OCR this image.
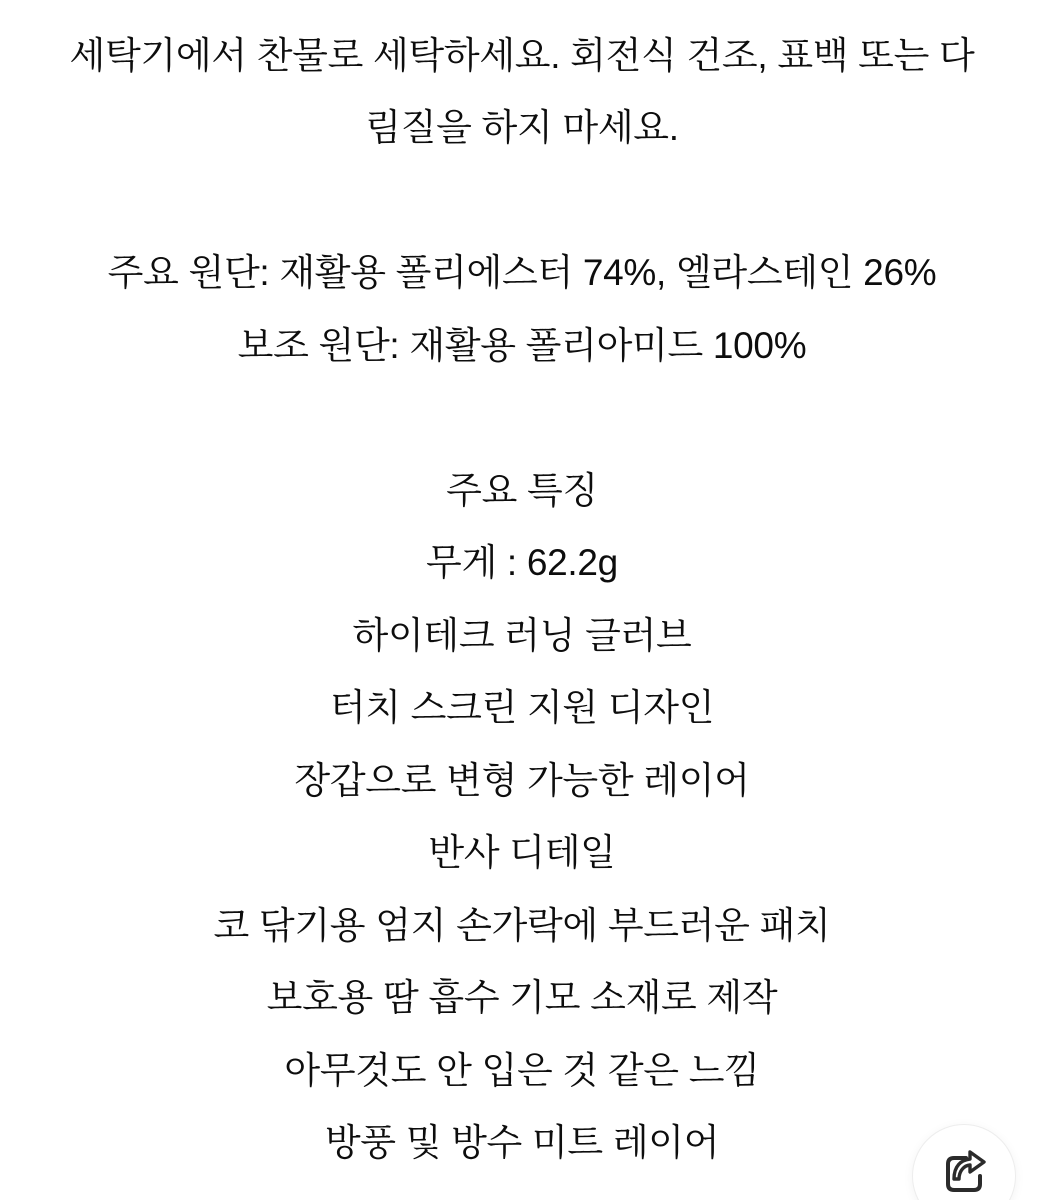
세탁기에서 찬물로 세탁하세요. 회전식 건조, 표백 또는 다
림질을 하지 마세요.
주요 원단: 재활용 폴리에스터 74%, 엘라스테인 26%
보조 원단: 재활용 폴리아미드 100%
주요 특징
무게 : 62.2g
하이테크 러닝 글러브
터치 스크린 지원 디자인
장갑으로 변형 가능한 레이어
반사 디테일
코 닦기용 엄지 손가락에 부드러운 패치
보호용 땀 흡수 기모 소재로 제작
아무것도 안 입은 것 같은 느낌
방풍 및 방수 미트 레이어
